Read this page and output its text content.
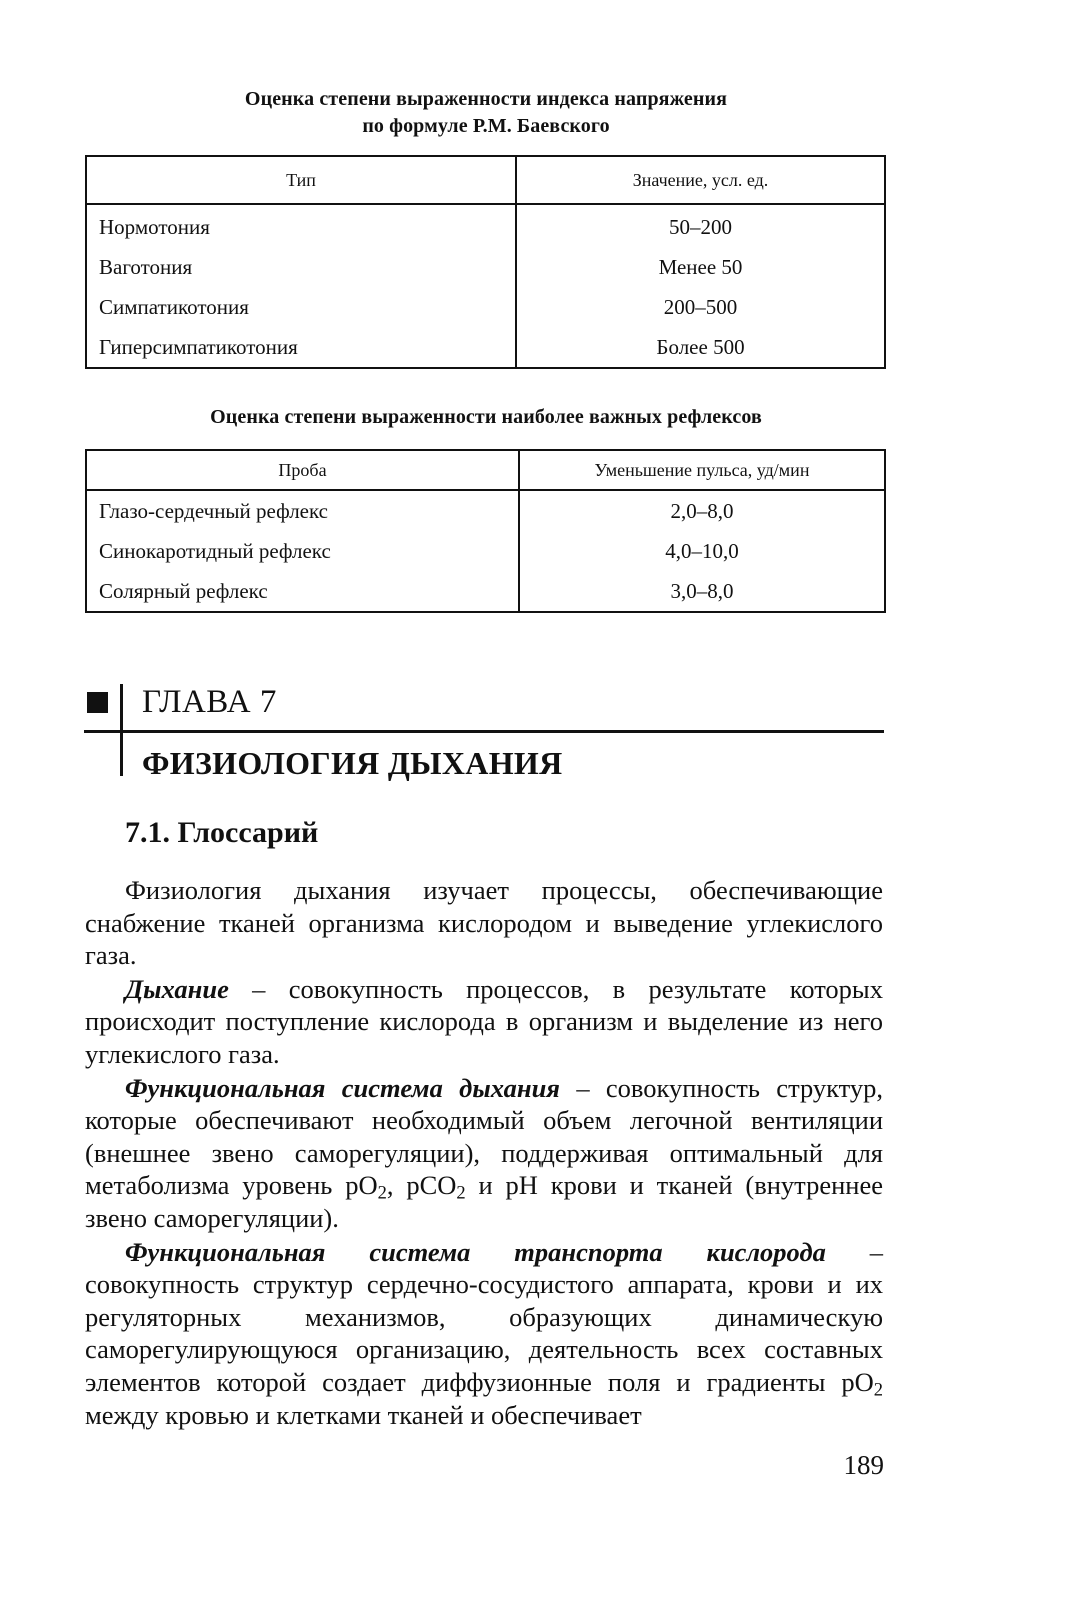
Оценка степени выраженности индекса напряжения
по формуле Р.М. Баевского
Тип	Значение, усл. ед.
Нормотония	50–200
Ваготония	Менее 50
Симпатикотония	200–500
Гиперсимпатикотония	Более 500
Оценка степени выраженности наиболее важных рефлексов
Проба	Уменьшение пульса, уд/мин
Глазо-сердечный рефлекс	2,0–8,0
Синокаротидный рефлекс	4,0–10,0
Солярный рефлекс	3,0–8,0
ГЛАВА 7
ФИЗИОЛОГИЯ ДЫХАНИЯ
7.1. Глоссарий

Физиология дыхания изучает процессы, обеспечивающие снабжение тканей организма кислородом и выведение углекислого газа.

Дыхание – совокупность процессов, в результате которых происходит поступление кислорода в организм и выделение из него углекислого газа.

Функциональная система дыхания – совокупность структур, которые обеспечивают необходимый объем легочной вентиляции (внешнее звено саморегуляции), поддерживая оптимальный для метаболизма уровень $pO_2$, pCO$_2$ и pH крови и тканей (внутреннее звено саморегуляции).

Функциональная система транспорта кислорода – совокупность структур сердечно-сосудистого аппарата, крови и их регуляторных механизмов, образующих динамическую саморегулирующуюся организацию, деятельность всех составных элементов которой создает диффузионные поля и градиенты $pO_2$ между кровью и клетками тканей и обеспечивает

189
